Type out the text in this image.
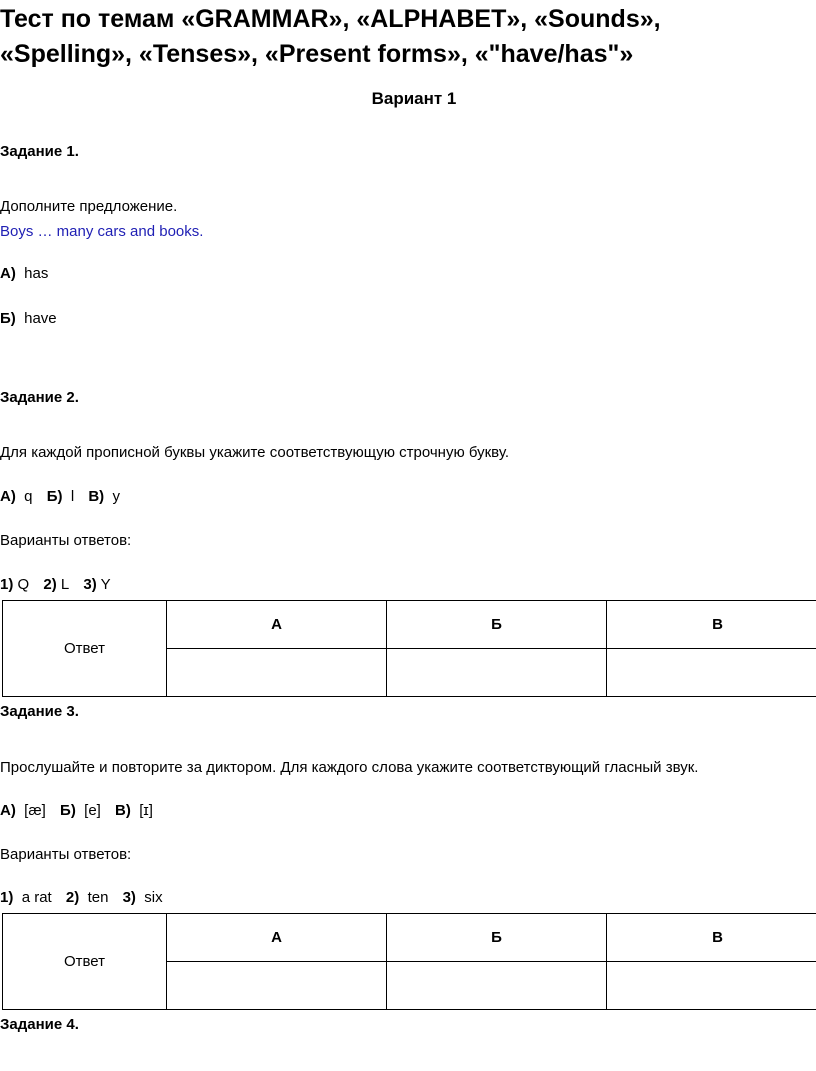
Тест по темам «GRAMMAR», «ALPHABET», «Sounds»,
«Spelling», «Tenses», «Present forms», «"have/has"»
Вариант 1
Задание 1.
Дополните предложение.
Boys … many cars and books.
А) has
Б) have
Задание 2.
Для каждой прописной буквы укажите соответствующую строчную букву.
А) q Б) l В) y
Варианты ответов:
1) Q 2) L 3) Y
Ответ	А	Б	В

Задание 3.
Прослушайте и повторите за диктором. Для каждого слова укажите соответствующий гласный звук.
А) [æ] Б) [e] В) [ɪ]
Варианты ответов:
1) a rat 2) ten 3) six
Ответ	А	Б	В

Задание 4.
